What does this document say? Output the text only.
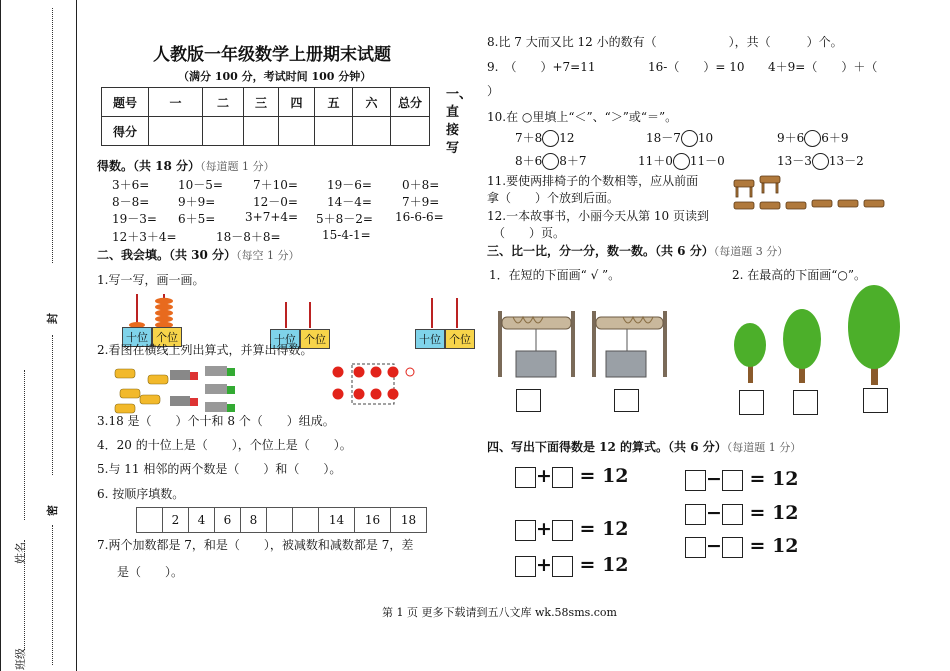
封
密
姓名
班级
人教版一年级数学上册期末试题
（满分 100 分，考试时间 100 分钟）
题号	一	二	三	四	五	六	总分
得分							
一、直接写
得数。（共 18 分）（每道题 1 分）
3＋6= 10－5=	7＋10= 19－6=	0＋8=
8－8= 9＋9=	12－0= 14－4=	7＋9=
19－3= 6＋5= 3+7+4= 5＋8－2= 16-6-6=
12＋3＋4=	18－8＋8=	15-4-1=
二、我会填。（共 30 分）（每空 1 分）
1.写一写，画一画。
十位 个位	十位 个位	十位 个位
2.看图在横线上列出算式，并算出得数。
3.18 是（　　）个十和 8 个（　　）组成。
4．20 的十位上是（　　），个位上是（　　）。
5.与 11 相邻的两个数是（　　）和（　　）。
6. 按顺序填数。
	2	4	6	8			14	16	18
7.两个加数都是 7，和是（　　），被减数和减数都是 7，差
是（　　）。
8.比 7 大而又比 12 小的数有（　　　　　　），共（　　　）个。
9.　（　　）+7=11	16-（　　）= 10 4＋9=（　　）＋（
）
10.在 ○里填上“＜”、“＞”或“＝”。
7＋8 12	18－7 10	9＋6 6＋9
8＋6 8＋7	11＋0 11－0	13－3 13－2
11.要使两排椅子的个数相等，应从前面
拿（　　）个放到后面。
12.一本故事书，小丽今天从第 10 页读到
（　　）页。
三、比一比，分一分，数一数。（共 6 分）（每道题 3 分）
1．在短的下面画“ √ ”。	2. 在最高的下面画“○”。
四、写出下面得数是 12 的算式。（共 6 分）（每道题 1 分）
+ = 12
+ = 12
+ = 12
− = 12
− = 12
− = 12
第 1 页 更多下载请到五八文库 wk.58sms.com
